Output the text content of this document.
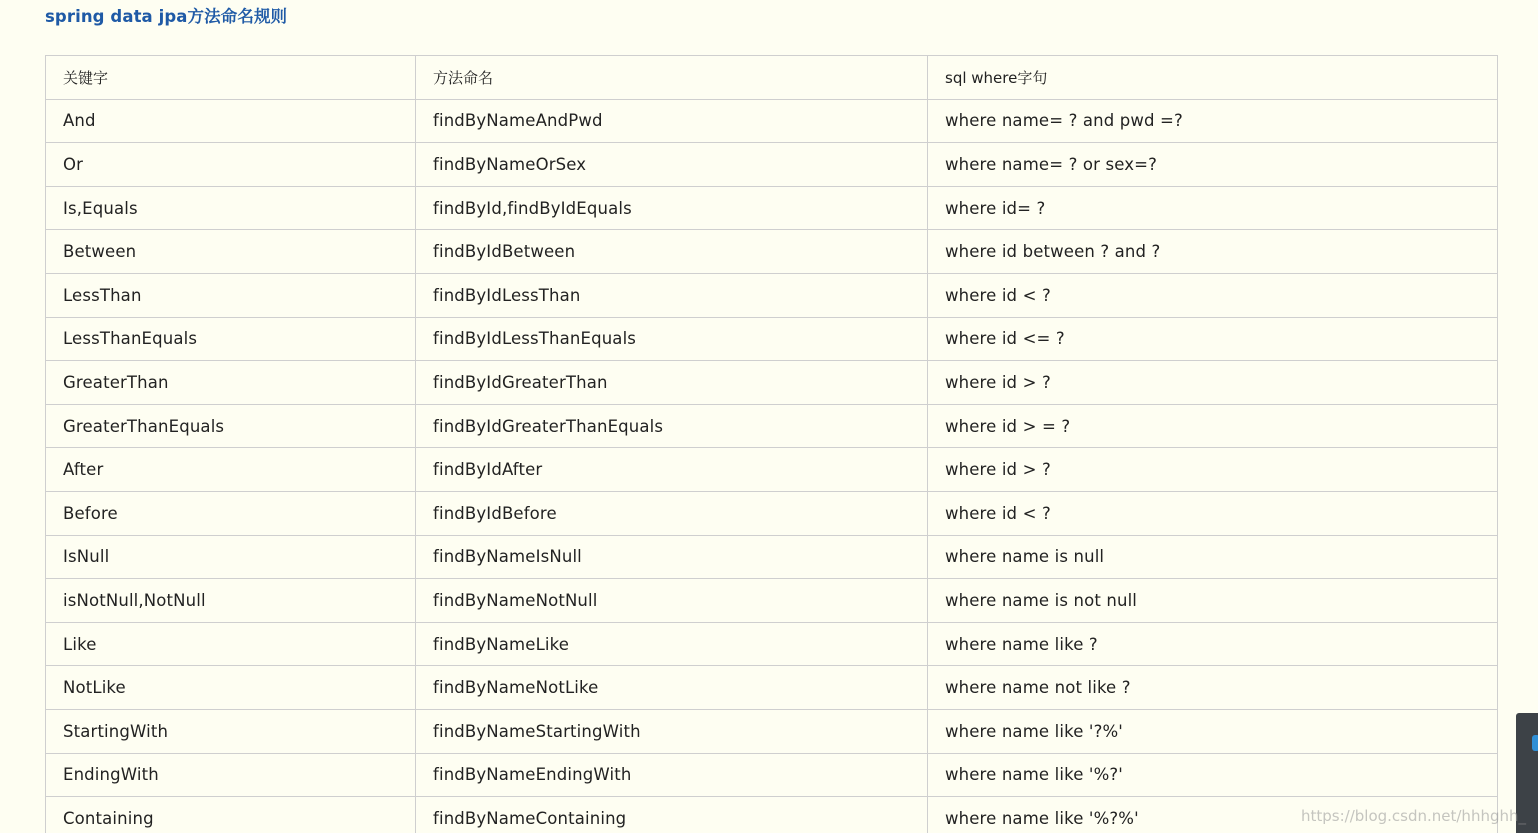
spring data jpa方法命名规则
关键字	方法命名	sql where字句
And	findByNameAndPwd	where name= ? and pwd =?
Or	findByNameOrSex	where name= ? or sex=?
Is,Equals	findById,findByIdEquals	where id= ?
Between	findByIdBetween	where id between ? and ?
LessThan	findByIdLessThan	where id < ?
LessThanEquals	findByIdLessThanEquals	where id <= ?
GreaterThan	findByIdGreaterThan	where id > ?
GreaterThanEquals	findByIdGreaterThanEquals	where id > = ?
After	findByIdAfter	where id > ?
Before	findByIdBefore	where id < ?
IsNull	findByNameIsNull	where name is null
isNotNull,NotNull	findByNameNotNull	where name is not null
Like	findByNameLike	where name like ?
NotLike	findByNameNotLike	where name not like ?
StartingWith	findByNameStartingWith	where name like '?%'
EndingWith	findByNameEndingWith	where name like '%?'
Containing	findByNameContaining	where name like '%?%'	https://blog.csdn.net/hhhghh_
